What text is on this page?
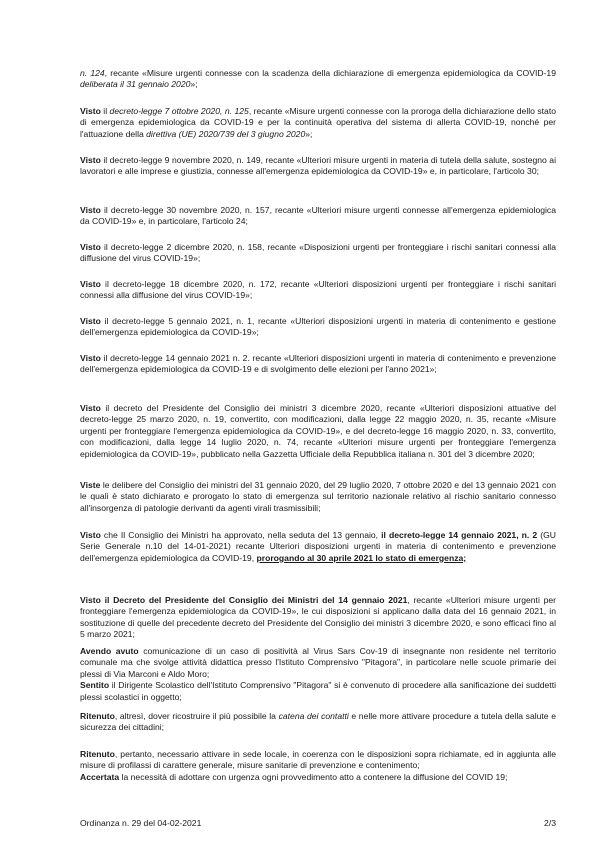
n. 124, recante «Misure urgenti connesse con la scadenza della dichiarazione di emergenza epidemiologica da COVID-19 deliberata il 31 gennaio 2020»;

Visto il decreto-legge 7 ottobre 2020, n. 125, recante «Misure urgenti connesse con la proroga della dichiarazione dello stato di emergenza epidemiologica da COVID-19 e per la continuità operativa del sistema di allerta COVID-19, nonché per l'attuazione della direttiva (UE) 2020/739 del 3 giugno 2020»;

Visto il decreto-legge 9 novembre 2020, n. 149, recante «Ulteriori misure urgenti in materia di tutela della salute, sostegno ai lavoratori e alle imprese e giustizia, connesse all'emergenza epidemiologica da COVID-19» e, in particolare, l'articolo 30;

Visto il decreto-legge 30 novembre 2020, n. 157, recante «Ulteriori misure urgenti connesse all'emergenza epidemiologica da COVID-19» e, in particolare, l'articolo 24;

Visto il decreto-legge 2 dicembre 2020, n. 158, recante «Disposizioni urgenti per fronteggiare i rischi sanitari connessi alla diffusione del virus COVID-19»;

Visto il decreto-legge 18 dicembre 2020, n. 172, recante «Ulteriori disposizioni urgenti per fronteggiare i rischi sanitari connessi alla diffusione del virus COVID-19»;

Visto il decreto-legge 5 gennaio 2021, n. 1, recante «Ulteriori disposizioni urgenti in materia di contenimento e gestione dell'emergenza epidemiologica da COVID-19»;

Visto il decreto-legge 14 gennaio 2021 n. 2. recante «Ulteriori disposizioni urgenti in materia di contenimento e prevenzione dell'emergenza epidemiologica da COVID-19 e di svolgimento delle elezioni per l'anno 2021»;

Visto il decreto del Presidente del Consiglio dei ministri 3 dicembre 2020, recante «Ulteriori disposizioni attuative del decreto-legge 25 marzo 2020, n. 19, convertito, con modificazioni, dalla legge 22 maggio 2020, n. 35, recante «Misure urgenti per fronteggiare l'emergenza epidemiologica da COVID-19», e del decreto-legge 16 maggio 2020, n. 33, convertito, con modificazioni, dalla legge 14 luglio 2020, n. 74, recante «Ulteriori misure urgenti per fronteggiare l'emergenza epidemiologica da COVID-19», pubblicato nella Gazzetta Ufficiale della Repubblica italiana n. 301 del 3 dicembre 2020;

Viste le delibere del Consiglio dei ministri del 31 gennaio 2020, del 29 luglio 2020, 7 ottobre 2020 e del 13 gennaio 2021 con le quali è stato dichiarato e prorogato lo stato di emergenza sul territorio nazionale relativo al rischio sanitario connesso all'insorgenza di patologie derivanti da agenti virali trasmissibili;

Visto che Il Consiglio dei Ministri ha approvato, nella seduta del 13 gennaio, il decreto-legge 14 gennaio 2021, n. 2 (GU Serie Generale n.10 del 14-01-2021) recante Ulteriori disposizioni urgenti in materia di contenimento e prevenzione dell'emergenza epidemiologica da COVID-19, prorogando al 30 aprile 2021 lo stato di emergenza;

Visto il Decreto del Presidente del Consiglio dei Ministri del 14 gennaio 2021, recante «Ulteriori misure urgenti per fronteggiare l'emergenza epidemiologica da COVID-19», le cui disposizioni si applicano dalla data del 16 gennaio 2021, in sostituzione di quelle del precedente decreto del Presidente del Consiglio dei ministri 3 dicembre 2020, e sono efficaci fino al 5 marzo 2021;

Avendo avuto comunicazione di un caso di positività al Virus Sars Cov-19 di insegnante non residente nel territorio comunale ma che svolge attività didattica presso l'Istituto Comprensivo "Pitagora", in particolare nelle scuole primarie dei plessi di Via Marconi e Aldo Moro;
Sentito il Dirigente Scolastico dell'Istituto Comprensivo "Pitagora" si è convenuto di procedere alla sanificazione dei suddetti plessi scolastici in oggetto;

Ritenuto, altresì, dover ricostruire il più possibile la catena dei contatti e nelle more attivare procedure a tutela della salute e sicurezza dei cittadini;

Ritenuto, pertanto, necessario attivare in sede locale, in coerenza con le disposizioni sopra richiamate, ed in aggiunta alle misure di profilassi di carattere generale, misure sanitarie di prevenzione e contenimento;
Accertata la necessità di adottare con urgenza ogni provvedimento atto a contenere la diffusione del COVID 19;

Ordinanza n. 29 del 04-02-2021	2/3
